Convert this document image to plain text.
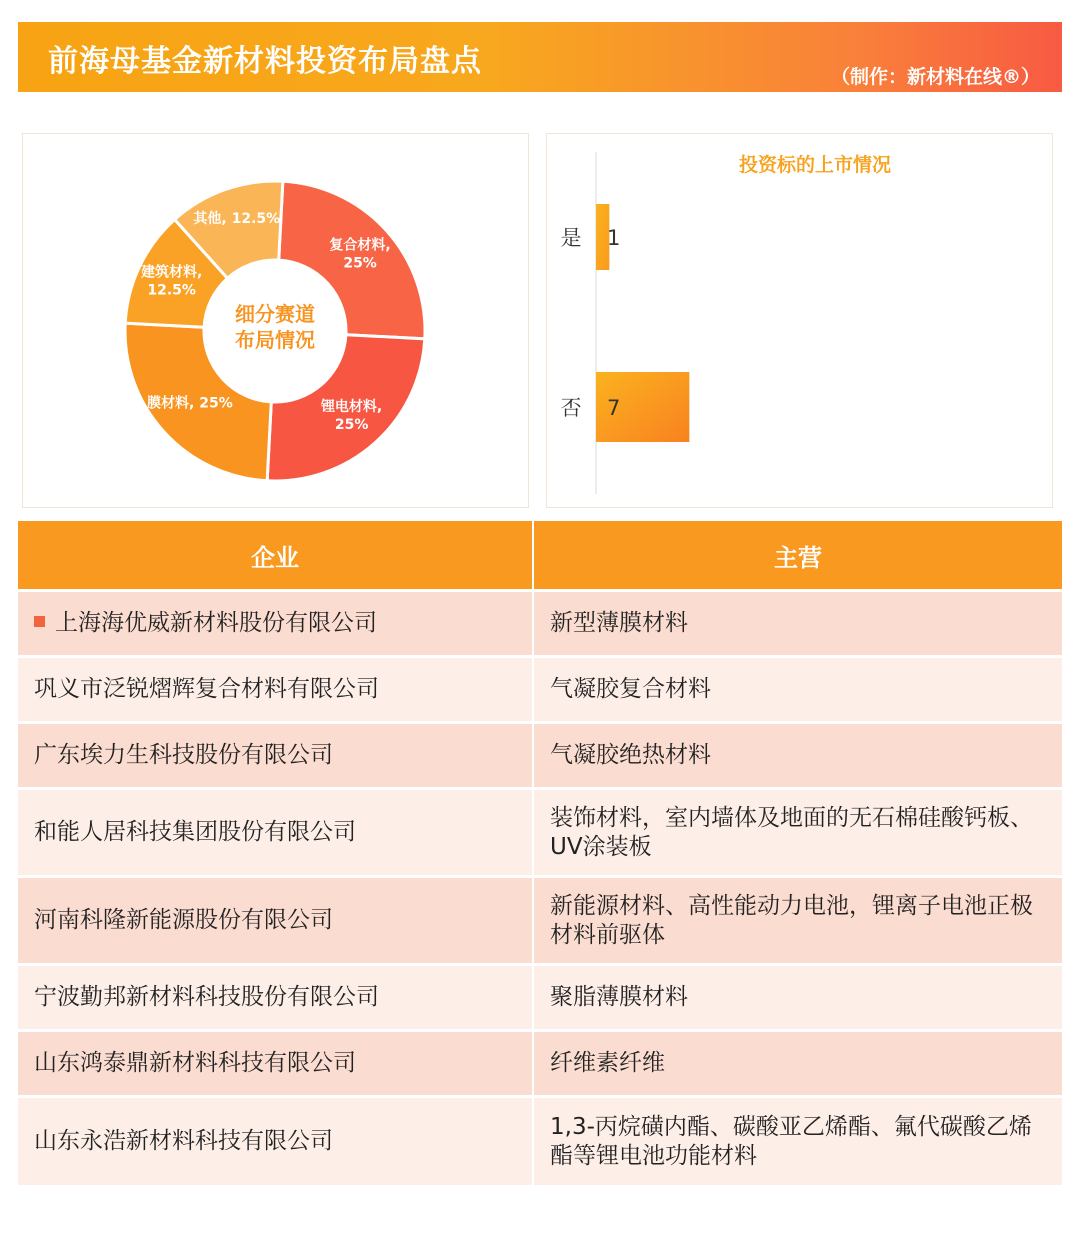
前海母基金新材料投资布局盘点	（制作：新材料在线®）
复合材料, 25%
锂电材料, 25%
膜材料, 25%
建筑材料, 12.5%
其他, 12.5%
细分赛道
布局情况
投资标的上市情况
是 1
否 7
企业	主营
上海海优威新材料股份有限公司	新型薄膜材料
巩义市泛锐熠辉复合材料有限公司	气凝胶复合材料
广东埃力生科技股份有限公司	气凝胶绝热材料
和能人居科技集团股份有限公司	装饰材料，室内墙体及地面的无石棉硅酸钙板、UV涂装板
河南科隆新能源股份有限公司	新能源材料、高性能动力电池，锂离子电池正极材料前驱体
宁波勤邦新材料科技股份有限公司	聚脂薄膜材料
山东鸿泰鼎新材料科技有限公司	纤维素纤维
山东永浩新材料科技有限公司	1,3-丙烷磺内酯、碳酸亚乙烯酯、氟代碳酸乙烯酯等锂电池功能材料
